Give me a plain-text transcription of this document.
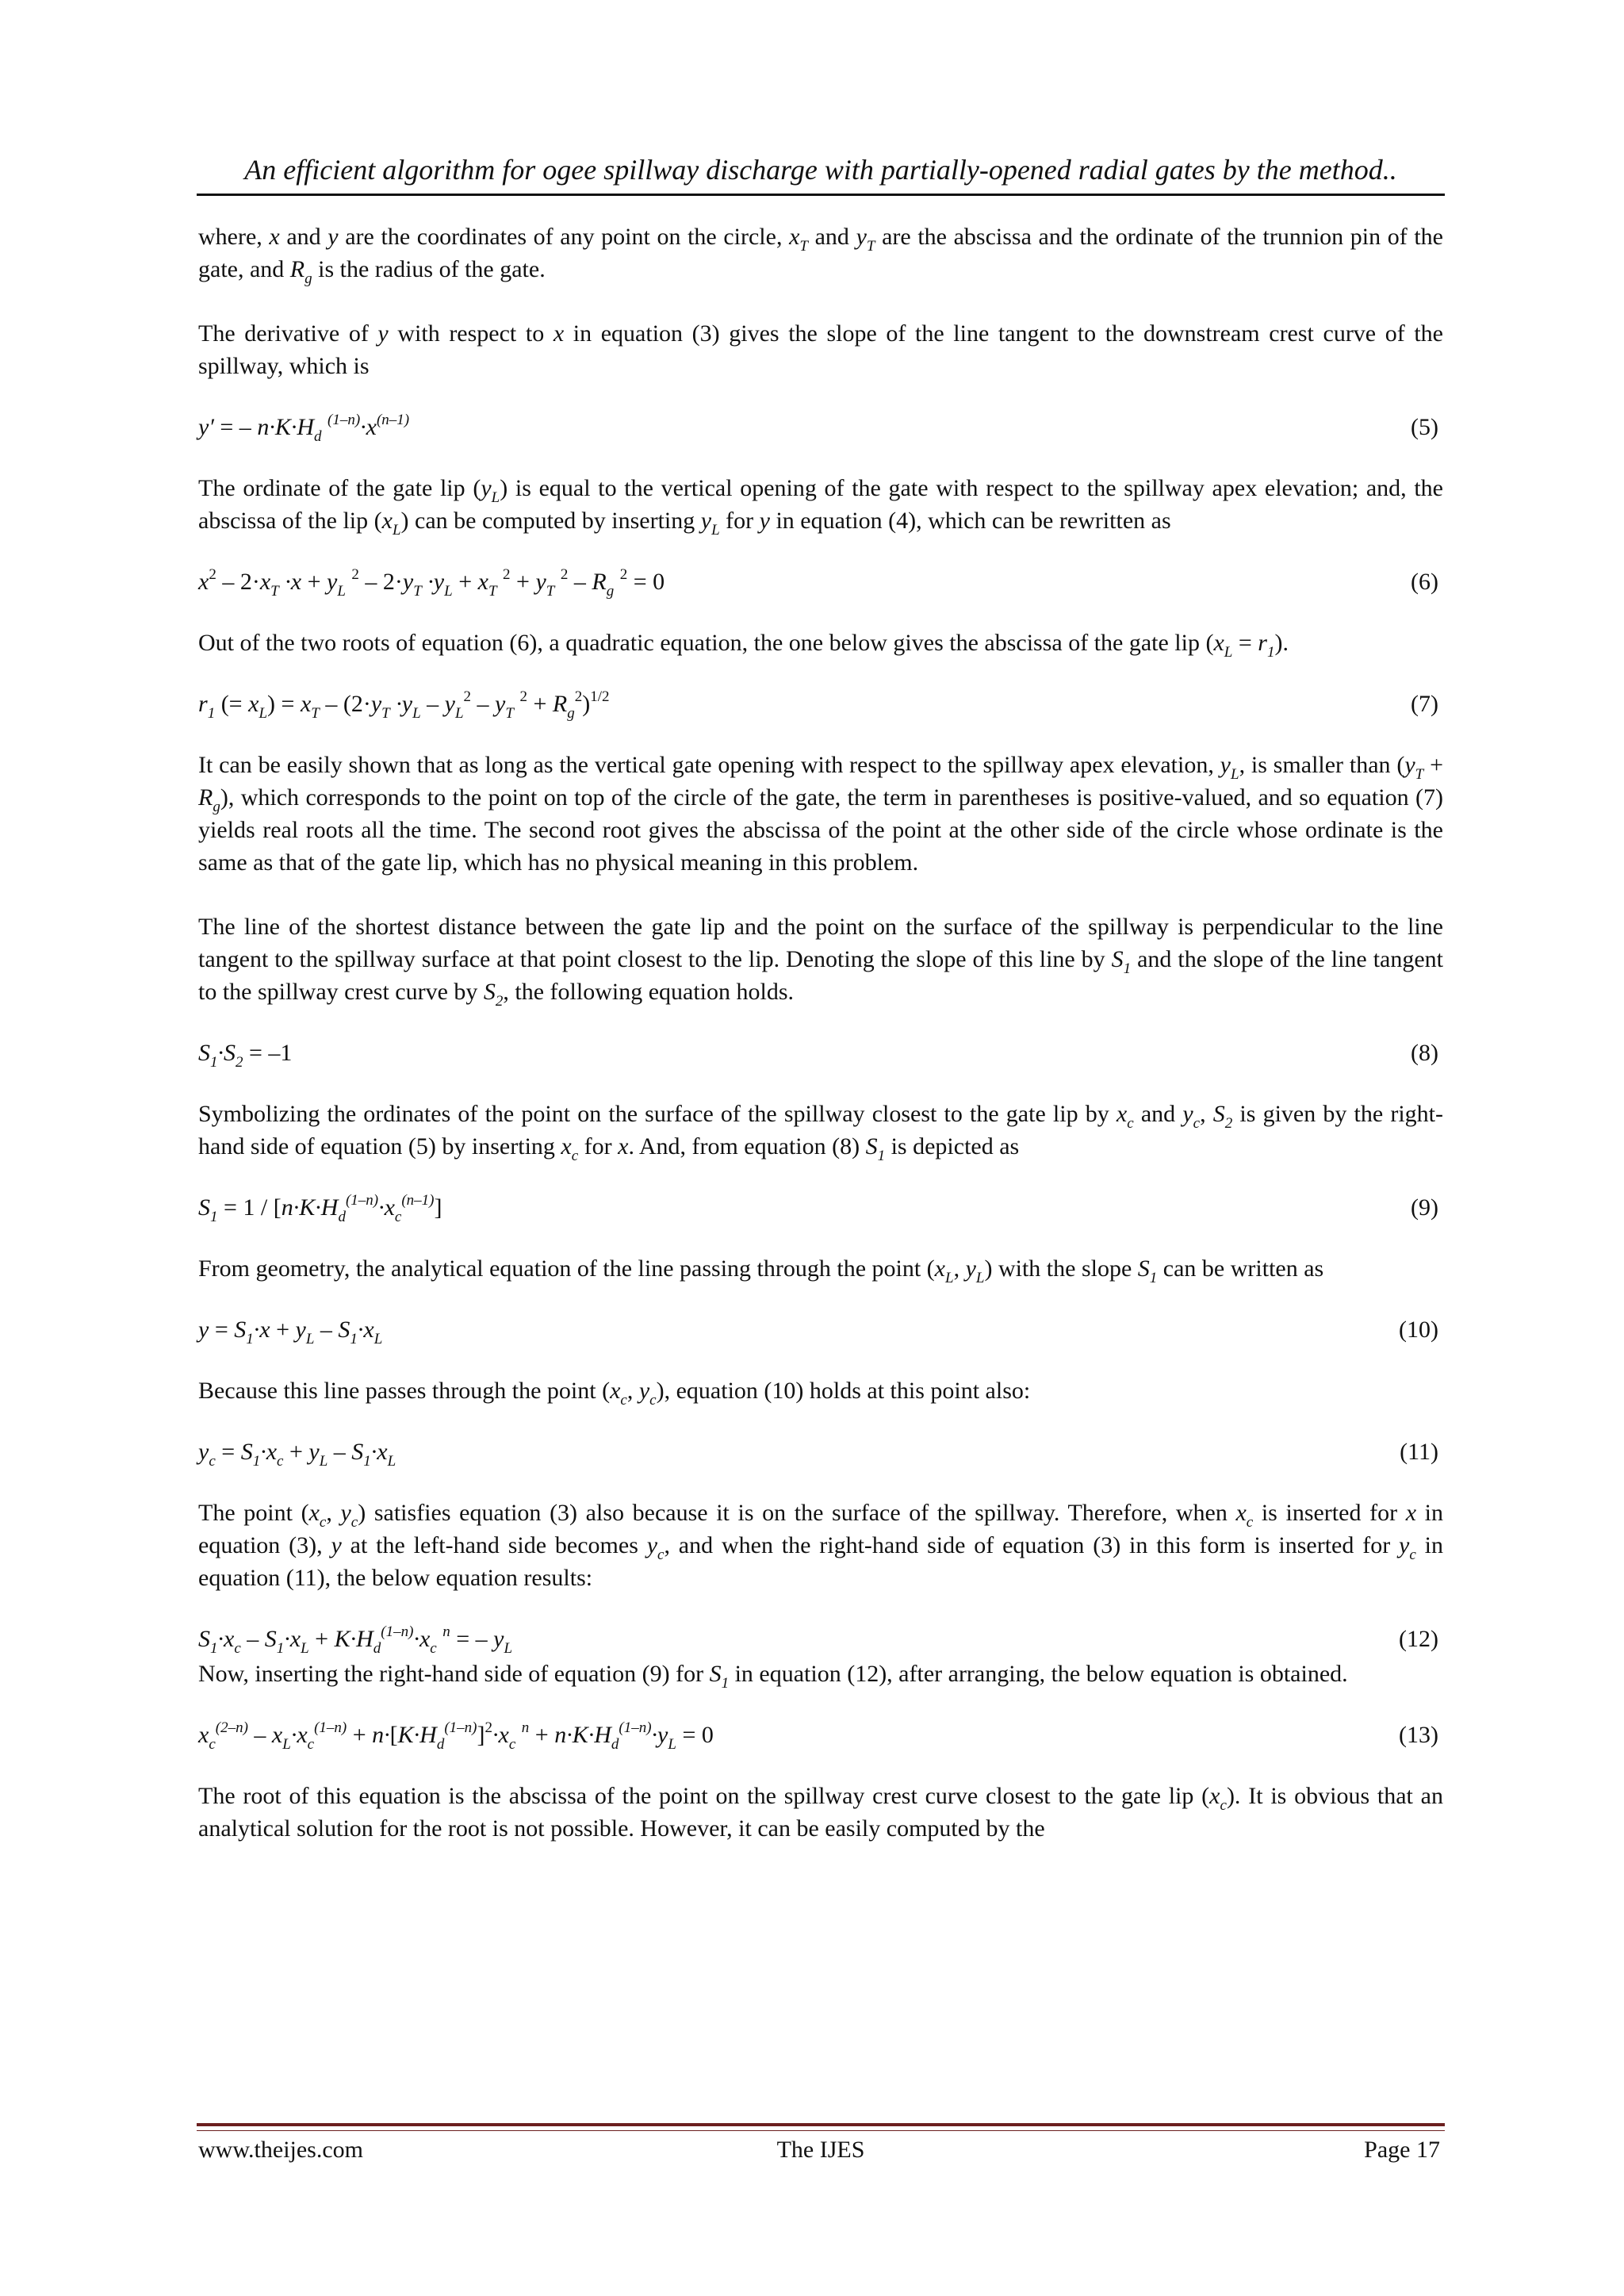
An efficient algorithm for ogee spillway discharge with partially-opened radial gates by the method..

where, x and y are the coordinates of any point on the circle, $x_T$ and $y_T$ are the abscissa and the ordinate of the trunnion pin of the gate, and $R_g$ is the radius of the gate.

The derivative of y with respect to x in equation (3) gives the slope of the line tangent to the downstream crest curve of the spillway, which is

y′ = – $n\cdot K\cdot H_d$ $^{(1-n)}\cdot x^{(n-1)}$	(5)

The ordinate of the gate lip $(y_L)$ is equal to the vertical opening of the gate with respect to the spillway apex elevation; and, the abscissa of the lip $(x_L)$ can be computed by inserting $y_L$ for y in equation (4), which can be rewritten as

$x^2 - 2\cdot x_T \cdot x + y_L$ $^2 - 2\cdot y_T \cdot y_L + x_T$ $^2 + y_T$ $^2 - R_g$ $^2$ = 0	(6)

Out of the two roots of equation (6), a quadratic equation, the one below gives the abscissa of the gate lip $(x_L = r_1)$.

$r_1$ (= $x_L) = x_T - (2\cdot y_T \cdot y_L - y_L^2 - y_T$ $^2 + R_g^2)^{1/2}$	(7)

It can be easily shown that as long as the vertical gate opening with respect to the spillway apex elevation, $y_L$, is smaller than $(y_T + R_g)$, which corresponds to the point on top of the circle of the gate, the term in parentheses is positive-valued, and so equation (7) yields real roots all the time. The second root gives the abscissa of the point at the other side of the circle whose ordinate is the same as that of the gate lip, which has no physical meaning in this problem.

The line of the shortest distance between the gate lip and the point on the surface of the spillway is perpendicular to the line tangent to the spillway surface at that point closest to the lip. Denoting the slope of this line by $S_1$ and the slope of the line tangent to the spillway crest curve by $S_2$, the following equation holds.

$S_1\cdot S_2 = -1$	(8)

Symbolizing the ordinates of the point on the surface of the spillway closest to the gate lip by $x_c$ and $y_c$, $S_2$ is given by the right-hand side of equation (5) by inserting $x_c$ for x. And, from equation (8) $S_1$ is depicted as

$S_1 = 1 / [n\cdot K\cdot H_d^{(1-n)}\cdot x_c^{(n-1)}]$	(9)

From geometry, the analytical equation of the line passing through the point ($x_L$, $y_L$) with the slope $S_1$ can be written as

$y = S_1\cdot x + y_L - S_1\cdot x_L$	(10)

Because this line passes through the point ($x_c$, $y_c$), equation (10) holds at this point also:

$y_c = S_1\cdot x_c + y_L - S_1\cdot x_L$	(11)

The point ($x_c$, $y_c$) satisfies equation (3) also because it is on the surface of the spillway. Therefore, when $x_c$ is inserted for x in equation (3), y at the left-hand side becomes $y_c$, and when the right-hand side of equation (3) in this form is inserted for $y_c$ in equation (11), the below equation results:

$S_1\cdot x_c - S_1\cdot x_L + K\cdot H_d^{(1-n)}\cdot x_c$ $^n$ = – $y_L$	(12)

Now, inserting the right-hand side of equation (9) for $S_1$ in equation (12), after arranging, the below equation is obtained.

$x_c^{(2-n)} - x_L\cdot x_c^{(1-n)} + n\cdot[K\cdot H_d^{(1-n)}]^2\cdot x_c$ $^n + n\cdot K\cdot H_d^{(1-n)}\cdot y_L = 0$	(13)

The root of this equation is the abscissa of the point on the spillway crest curve closest to the gate lip $(x_c)$. It is obvious that an analytical solution for the root is not possible. However, it can be easily computed by the

www.theijes.com	The IJES	Page 17
